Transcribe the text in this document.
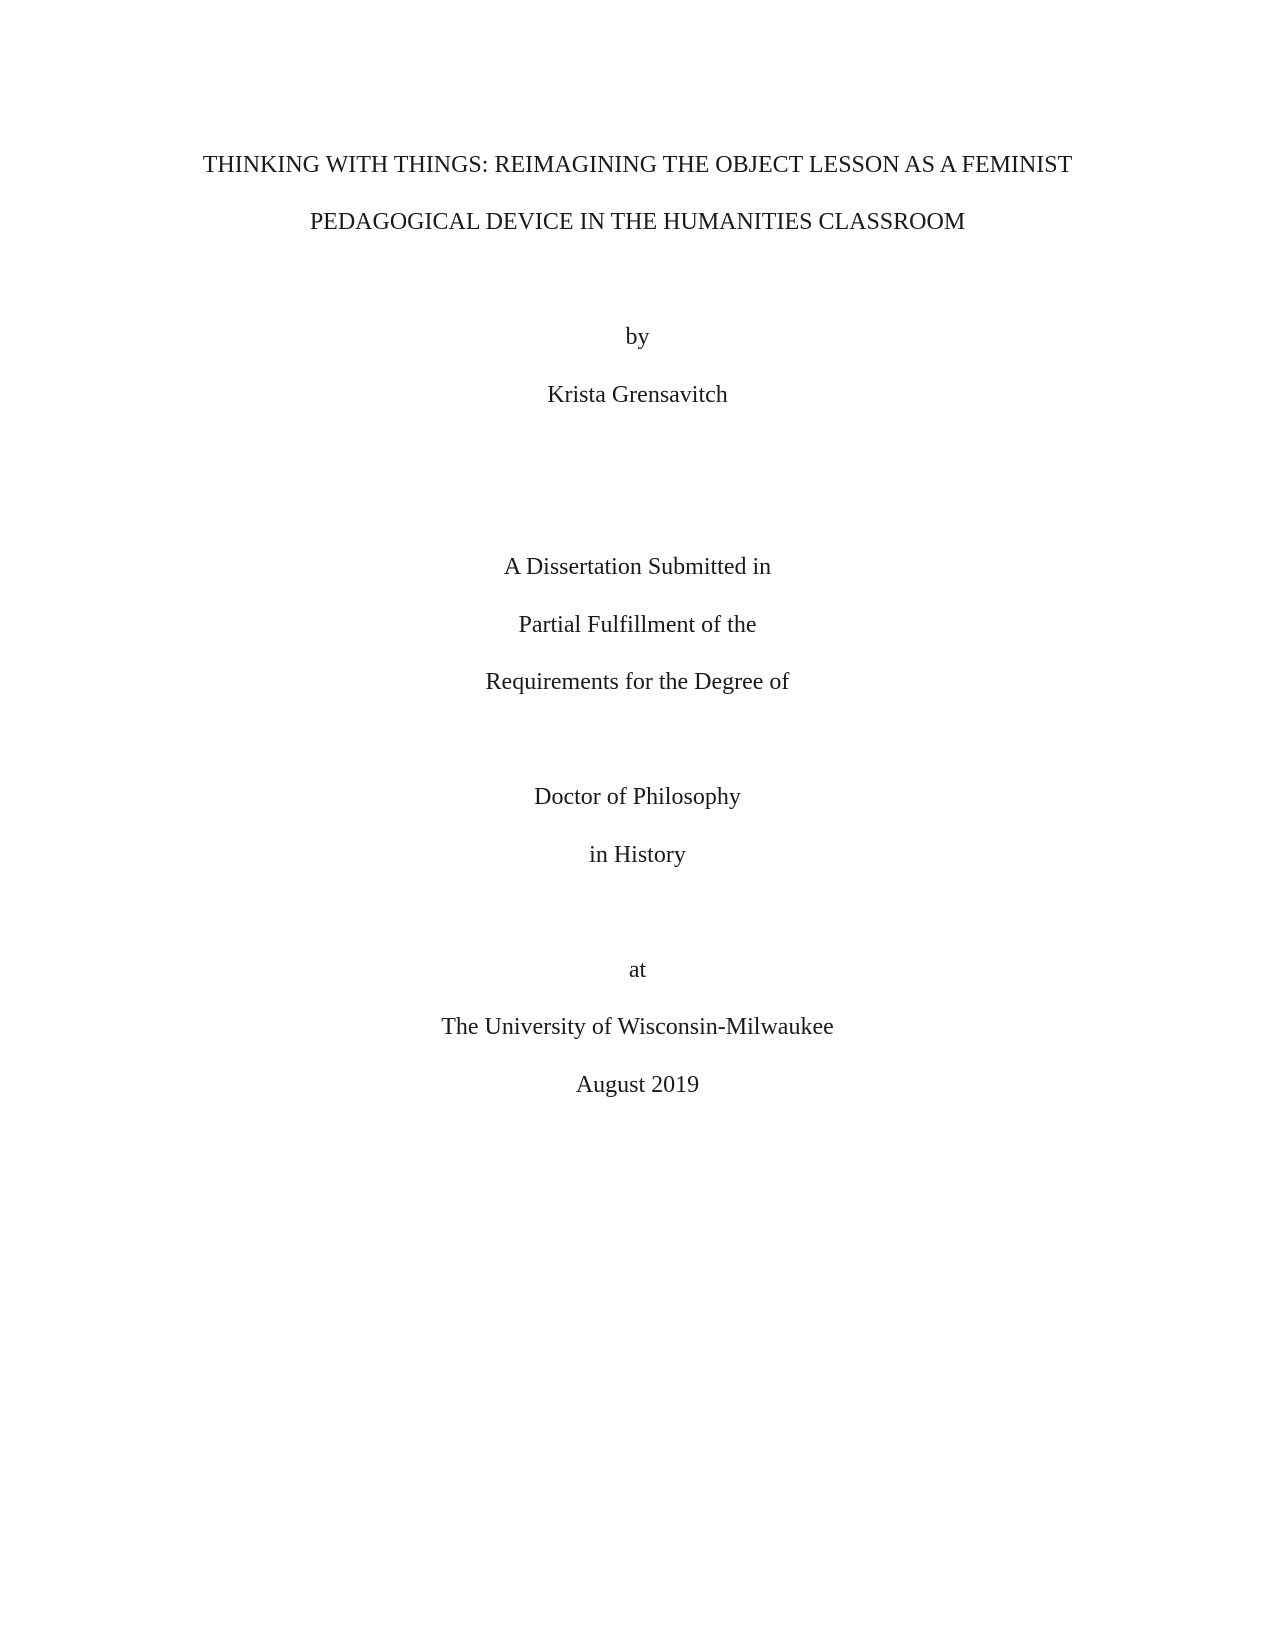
THINKING WITH THINGS: REIMAGINING THE OBJECT LESSON AS A FEMINIST
PEDAGOGICAL DEVICE IN THE HUMANITIES CLASSROOM
by
Krista Grensavitch
A Dissertation Submitted in
Partial Fulfillment of the
Requirements for the Degree of
Doctor of Philosophy
in History
at
The University of Wisconsin-Milwaukee
August 2019
